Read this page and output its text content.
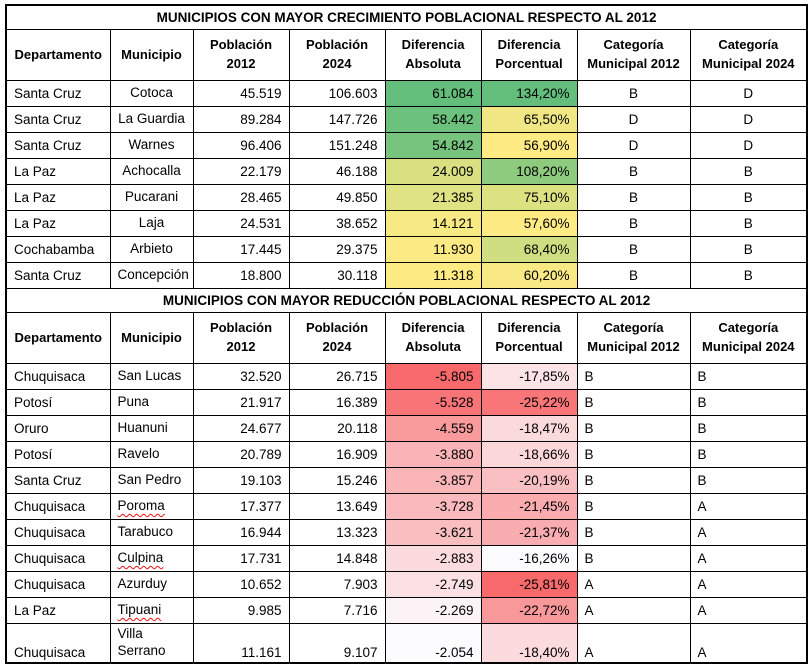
MUNICIPIOS CON MAYOR CRECIMIENTO POBLACIONAL RESPECTO AL 2012							
Departamento	Municipio	Población 2012	Población 2024	Diferencia Absoluta	Diferencia Porcentual	Categoría Municipal 2012	Categoría Municipal 2024
Santa Cruz	Cotoca	45.519	106.603	61.084	134,20%	B	D
Santa Cruz	La Guardia	89.284	147.726	58.442	65,50%	D	D
Santa Cruz	Warnes	96.406	151.248	54.842	56,90%	D	D
La Paz	Achocalla	22.179	46.188	24.009	108,20%	B	B
La Paz	Pucarani	28.465	49.850	21.385	75,10%	B	B
La Paz	Laja	24.531	38.652	14.121	57,60%	B	B
Cochabamba	Arbieto	17.445	29.375	11.930	68,40%	B	B
Santa Cruz	Concepción	18.800	30.118	11.318	60,20%	B	B
MUNICIPIOS CON MAYOR REDUCCIÓN POBLACIONAL RESPECTO AL 2012							
Departamento	Municipio	Población 2012	Población 2024	Diferencia Absoluta	Diferencia Porcentual	Categoría Municipal 2012	Categoría Municipal 2024
Chuquisaca	San Lucas	32.520	26.715	-5.805	-17,85%	B	B
Potosí	Puna	21.917	16.389	-5.528	-25,22%	B	B
Oruro	Huanuni	24.677	20.118	-4.559	-18,47%	B	B
Potosí	Ravelo	20.789	16.909	-3.880	-18,66%	B	B
Santa Cruz	San Pedro	19.103	15.246	-3.857	-20,19%	B	B
Chuquisaca	Poroma	17.377	13.649	-3.728	-21,45%	B	A
Chuquisaca	Tarabuco	16.944	13.323	-3.621	-21,37%	B	A
Chuquisaca	Culpina	17.731	14.848	-2.883	-16,26%	B	A
Chuquisaca	Azurduy	10.652	7.903	-2.749	-25,81%	A	A
La Paz	Tipuani	9.985	7.716	-2.269	-22,72%	A	A
Chuquisaca	Villa Serrano	11.161	9.107	-2.054	-18,40%	A	A
